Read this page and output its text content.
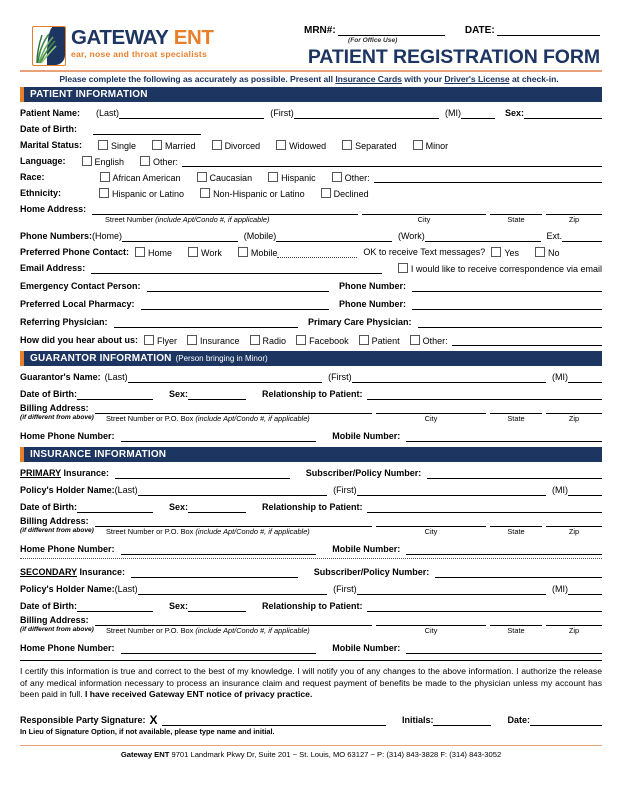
GATEWAY ENT
ear, nose and throat specialists
MRN#:	DATE:
(For Office Use)
PATIENT REGISTRATION FORM
Please complete the following as accurately as possible. Present all Insurance Cards with your Driver's License at check-in.
PATIENT INFORMATION
Patient Name: (Last)	(First)	(MI)	Sex:
Date of Birth:
Marital Status:	Single	Married	Divorced	Widowed	Separated	Minor
Language:	English	Other:
Race:	African American	Caucasian	Hispanic	Other:
Ethnicity:	Hispanic or Latino	Non-Hispanic or Latino	Declined
Home Address:
Street Number (include Apt/Condo #, if applicable)	City	State	Zip
Phone Numbers: (Home)	(Mobile)	(Work)	Ext.
Preferred Phone Contact: Home	Work	Mobile	OK to receive Text messages? Yes	No
Email Address:	I would like to receive correspondence via email
Emergency Contact Person:	Phone Number:
Preferred Local Pharmacy:	Phone Number:
Referring Physician:	Primary Care Physician:
How did you hear about us: Flyer	Insurance	Radio	Facebook	Patient	Other:
GUARANTOR INFORMATION (Person bringing in Minor)
Guarantor's Name: (Last)	(First)	(MI)
Date of Birth:	Sex:	Relationship to Patient:
Billing Address:
(if different from above)	Street Number or P.O. Box (include Apt/Condo #, if applicable)	City	State	Zip
Home Phone Number:	Mobile Number:
INSURANCE INFORMATION
PRIMARY Insurance:	Subscriber/Policy Number:
Policy's Holder Name: (Last)	(First)	(MI)
Date of Birth:	Sex:	Relationship to Patient:
Billing Address:
(if different from above)	Street Number or P.O. Box (include Apt/Condo #, if applicable)	City	State	Zip
Home Phone Number:	Mobile Number:
SECONDARY Insurance:	Subscriber/Policy Number:
Policy's Holder Name: (Last)	(First)	(MI)
Date of Birth:	Sex:	Relationship to Patient:
Billing Address:
(if different from above)	Street Number or P.O. Box (include Apt/Condo #, if applicable)	City	State	Zip
Home Phone Number:	Mobile Number:
I certify this information is true and correct to the best of my knowledge. I will notify you of any changes to the above information. I authorize the release of any medical information necessary to process an insurance claim and request payment of benefits be made to the physician unless my account has been paid in full. I have received Gateway ENT notice of privacy practice.
Responsible Party Signature: X	Initials:	Date:
In Lieu of Signature Option, if not available, please type name and initial.
Gateway ENT 9701 Landmark Pkwy Dr, Suite 201 ~ St. Louis, MO 63127 ~ P: (314) 843-3828 F: (314) 843-3052
